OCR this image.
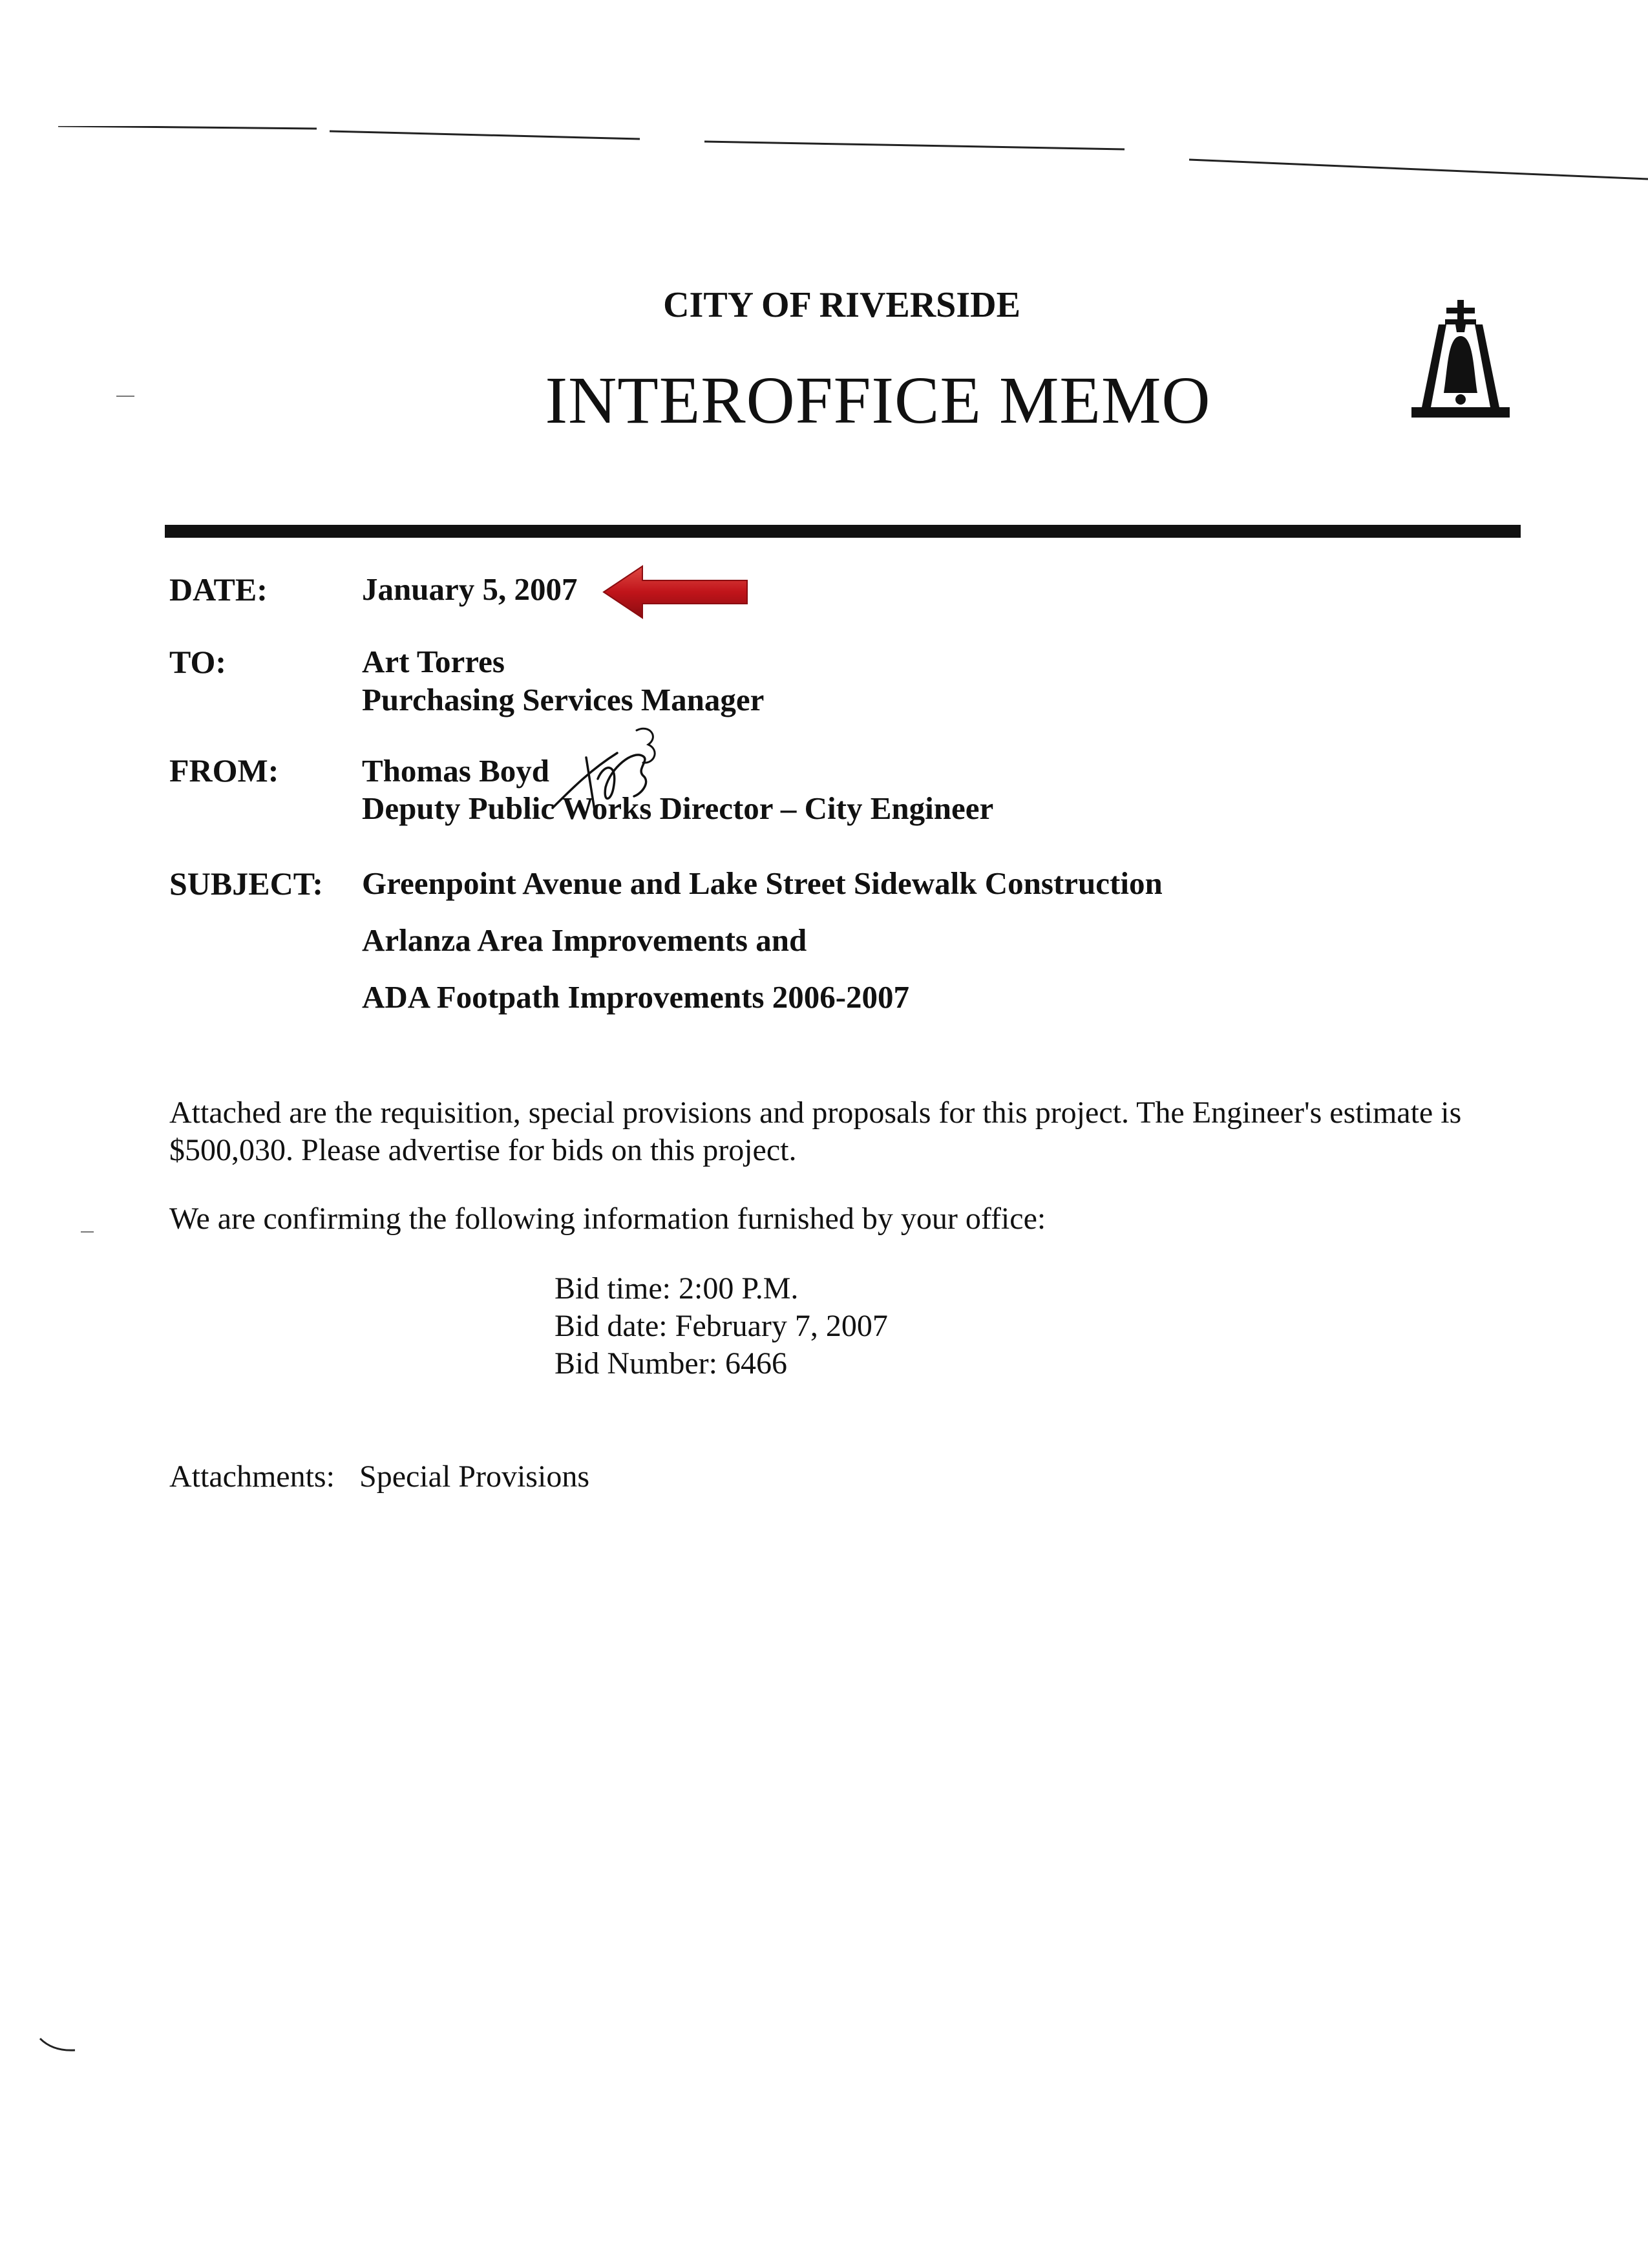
CITY OF RIVERSIDE
INTEROFFICE MEMO
DATE:	January 5, 2007
TO:	Art Torres
Purchasing Services Manager
FROM:	Thomas Boyd
Deputy Public Works Director – City Engineer
SUBJECT: Greenpoint Avenue and Lake Street Sidewalk Construction
Arlanza Area Improvements and
ADA Footpath Improvements 2006-2007
Attached are the requisition, special provisions and proposals for this project. The Engineer's estimate is
$500,030. Please advertise for bids on this project.
We are confirming the following information furnished by your office:
Bid time: 2:00 P.M.
Bid date: February 7, 2007
Bid Number: 6466
Attachments: Special Provisions
